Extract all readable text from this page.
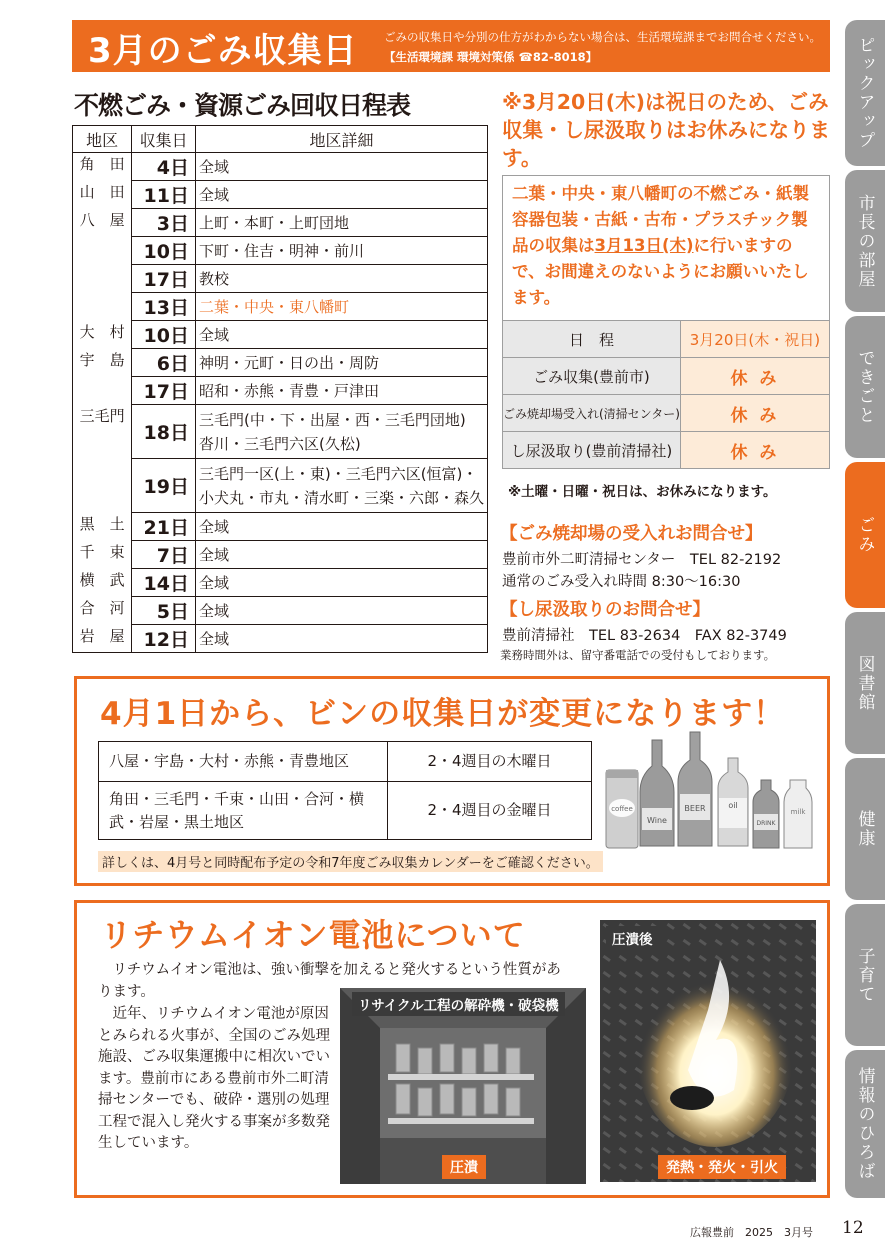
3月のごみ収集日 ごみの収集日や分別の仕方がわからない場合は、生活環境課までお問合せください。
【生活環境課 環境対策係 ☎82-8018】
不燃ごみ・資源ごみ回収日程表
地区	収集日	地区詳細
角　田	4日	全域
山　田	11日	全域
八　屋	3日	上町・本町・上町団地
	10日	下町・住吉・明神・前川
	17日	教校
	13日	二葉・中央・東八幡町
大　村	10日	全域
宇　島	6日	神明・元町・日の出・周防
	17日	昭和・赤熊・青豊・戸津田
三毛門	18日	三毛門(中・下・出屋・西・三毛門団地)
沓川・三毛門六区(久松)

	19日	三毛門一区(上・東)・三毛門六区(恒富)・
小犬丸・市丸・清水町・三楽・六郎・森久

黒　土	21日	全域
千　束	7日	全域
横　武	14日	全域
合　河	5日	全域
岩　屋	12日	全域
※3月20日(木)は祝日のため、ごみ収集・し尿汲取りはお休みになります。
二葉・中央・東八幡町の不燃ごみ・紙製容器包装・古紙・古布・プラスチック製品の収集は3月13日(木)に行いますので、お間違えのないようにお願いいたします。
日　程	3月20日(木・祝日)
ごみ収集(豊前市)	休 み
ごみ焼却場受入れ(清掃センター)	休 み
し尿汲取り(豊前清掃社)	休 み
※土曜・日曜・祝日は、お休みになります。
【ごみ焼却場の受入れお問合せ】
豊前市外二町清掃センター　TEL 82-2192
通常のごみ受入れ時間 8:30～16:30
【し尿汲取りのお問合せ】
豊前清掃社　TEL 83-2634　FAX 82-3749
業務時間外は、留守番電話での受付もしております。
4月1日から、ビンの収集日が変更になります！
八屋・宇島・大村・赤熊・青豊地区	2・4週目の木曜日
角田・三毛門・千束・山田・合河・横武・岩屋・黒土地区	2・4週目の金曜日
詳しくは、4月号と同時配布予定の令和7年度ごみ収集カレンダーをご確認ください。
coffee
Wine
BEER	oil
DRINK
milk
リチウムイオン電池について
　リチウムイオン電池は、強い衝撃を加えると発火するという性質があります。
　近年、リチウムイオン電池が原因とみられる火事が、全国のごみ処理施設、ごみ収集運搬中に相次いでいます。豊前市にある豊前市外二町清掃センターでも、破砕・選別の処理工程で混入し発火する事案が多数発生しています。
リサイクル工程の解砕機・破袋機
圧潰
圧潰後
発熱・発火・引火
ピックアップ
市長の部屋
できごと
ごみ
図書館
健康
子育て
情報のひろば
広報豊前　2025　3月号 12
